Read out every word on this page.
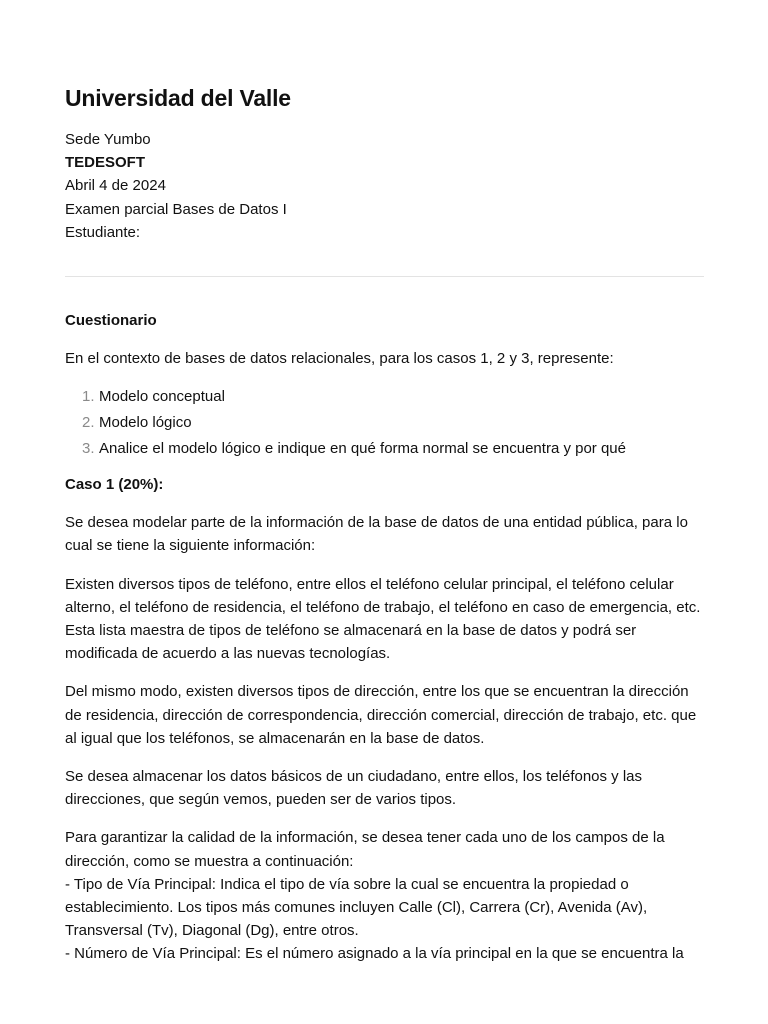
Universidad del Valle
Sede Yumbo
TEDESOFT
Abril 4 de 2024
Examen parcial Bases de Datos I
Estudiante:

Cuestionario

En el contexto de bases de datos relacionales, para los casos 1, 2 y 3, represente:

1. Modelo conceptual
2. Modelo lógico
3. Analice el modelo lógico e indique en qué forma normal se encuentra y por qué

Caso 1 (20%):

Se desea modelar parte de la información de la base de datos de una entidad pública, para lo cual se tiene la siguiente información:

Existen diversos tipos de teléfono, entre ellos el teléfono celular principal, el teléfono celular alterno, el teléfono de residencia, el teléfono de trabajo, el teléfono en caso de emergencia, etc. Esta lista maestra de tipos de teléfono se almacenará en la base de datos y podrá ser modificada de acuerdo a las nuevas tecnologías.

Del mismo modo, existen diversos tipos de dirección, entre los que se encuentran la dirección de residencia, dirección de correspondencia, dirección comercial, dirección de trabajo, etc. que al igual que los teléfonos, se almacenarán en la base de datos.

Se desea almacenar los datos básicos de un ciudadano, entre ellos, los teléfonos y las direcciones, que según vemos, pueden ser de varios tipos.

Para garantizar la calidad de la información, se desea tener cada uno de los campos de la dirección, como se muestra a continuación:

- Tipo de Vía Principal: Indica el tipo de vía sobre la cual se encuentra la propiedad o establecimiento. Los tipos más comunes incluyen Calle (Cl), Carrera (Cr), Avenida (Av), Transversal (Tv), Diagonal (Dg), entre otros.

- Número de Vía Principal: Es el número asignado a la vía principal en la que se encuentra la
